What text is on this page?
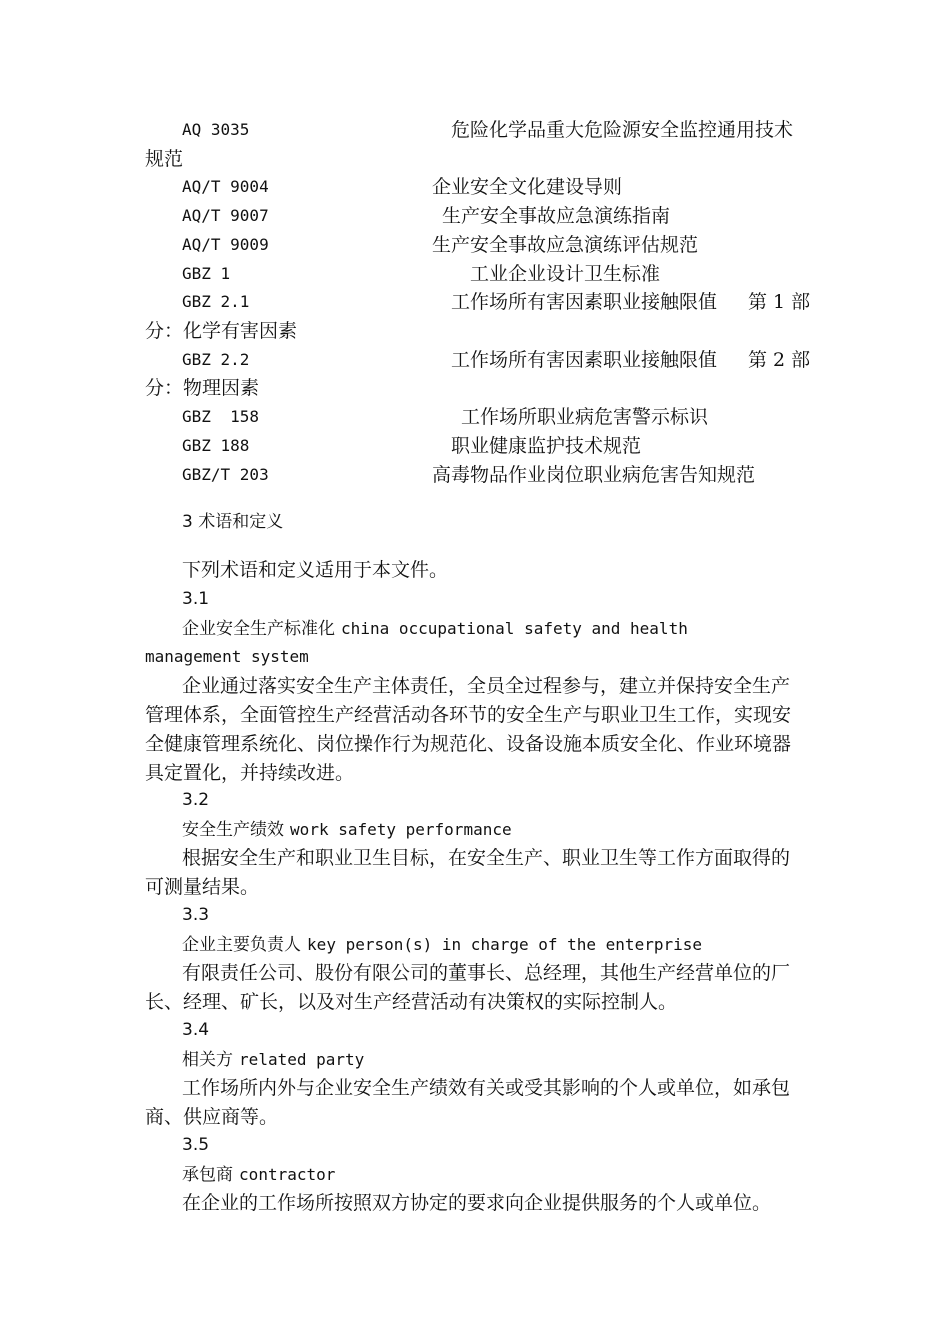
AQ 3035	危险化学品重大危险源安全监控通用技术
规范
AQ/T 9004	企业安全文化建设导则
AQ/T 9007	生产安全事故应急演练指南
AQ/T 9009	生产安全事故应急演练评估规范
GBZ 1	工业企业设计卫生标准
GBZ 2.1	工作场所有害因素职业接触限值 第 1 部
分：化学有害因素
GBZ 2.2	工作场所有害因素职业接触限值 第 2 部
分：物理因素
GBZ  158	工作场所职业病危害警示标识
GBZ 188	职业健康监护技术规范
GBZ/T 203	高毒物品作业岗位职业病危害告知规范
3 术语和定义
下列术语和定义适用于本文件。
3.1
企业安全生产标准化 china occupational safety and health
management system
企业通过落实安全生产主体责任，全员全过程参与，建立并保持安全生产
管理体系，全面管控生产经营活动各环节的安全生产与职业卫生工作，实现安
全健康管理系统化、岗位操作行为规范化、设备设施本质安全化、作业环境器
具定置化，并持续改进。
3.2
安全生产绩效 work safety performance
根据安全生产和职业卫生目标，在安全生产、职业卫生等工作方面取得的
可测量结果。
3.3
企业主要负责人 key person(s) in charge of the enterprise
有限责任公司、股份有限公司的董事长、总经理，其他生产经营单位的厂
长、经理、矿长，以及对生产经营活动有决策权的实际控制人。
3.4
相关方 related party
工作场所内外与企业安全生产绩效有关或受其影响的个人或单位，如承包
商、供应商等。
3.5
承包商 contractor
在企业的工作场所按照双方协定的要求向企业提供服务的个人或单位。
